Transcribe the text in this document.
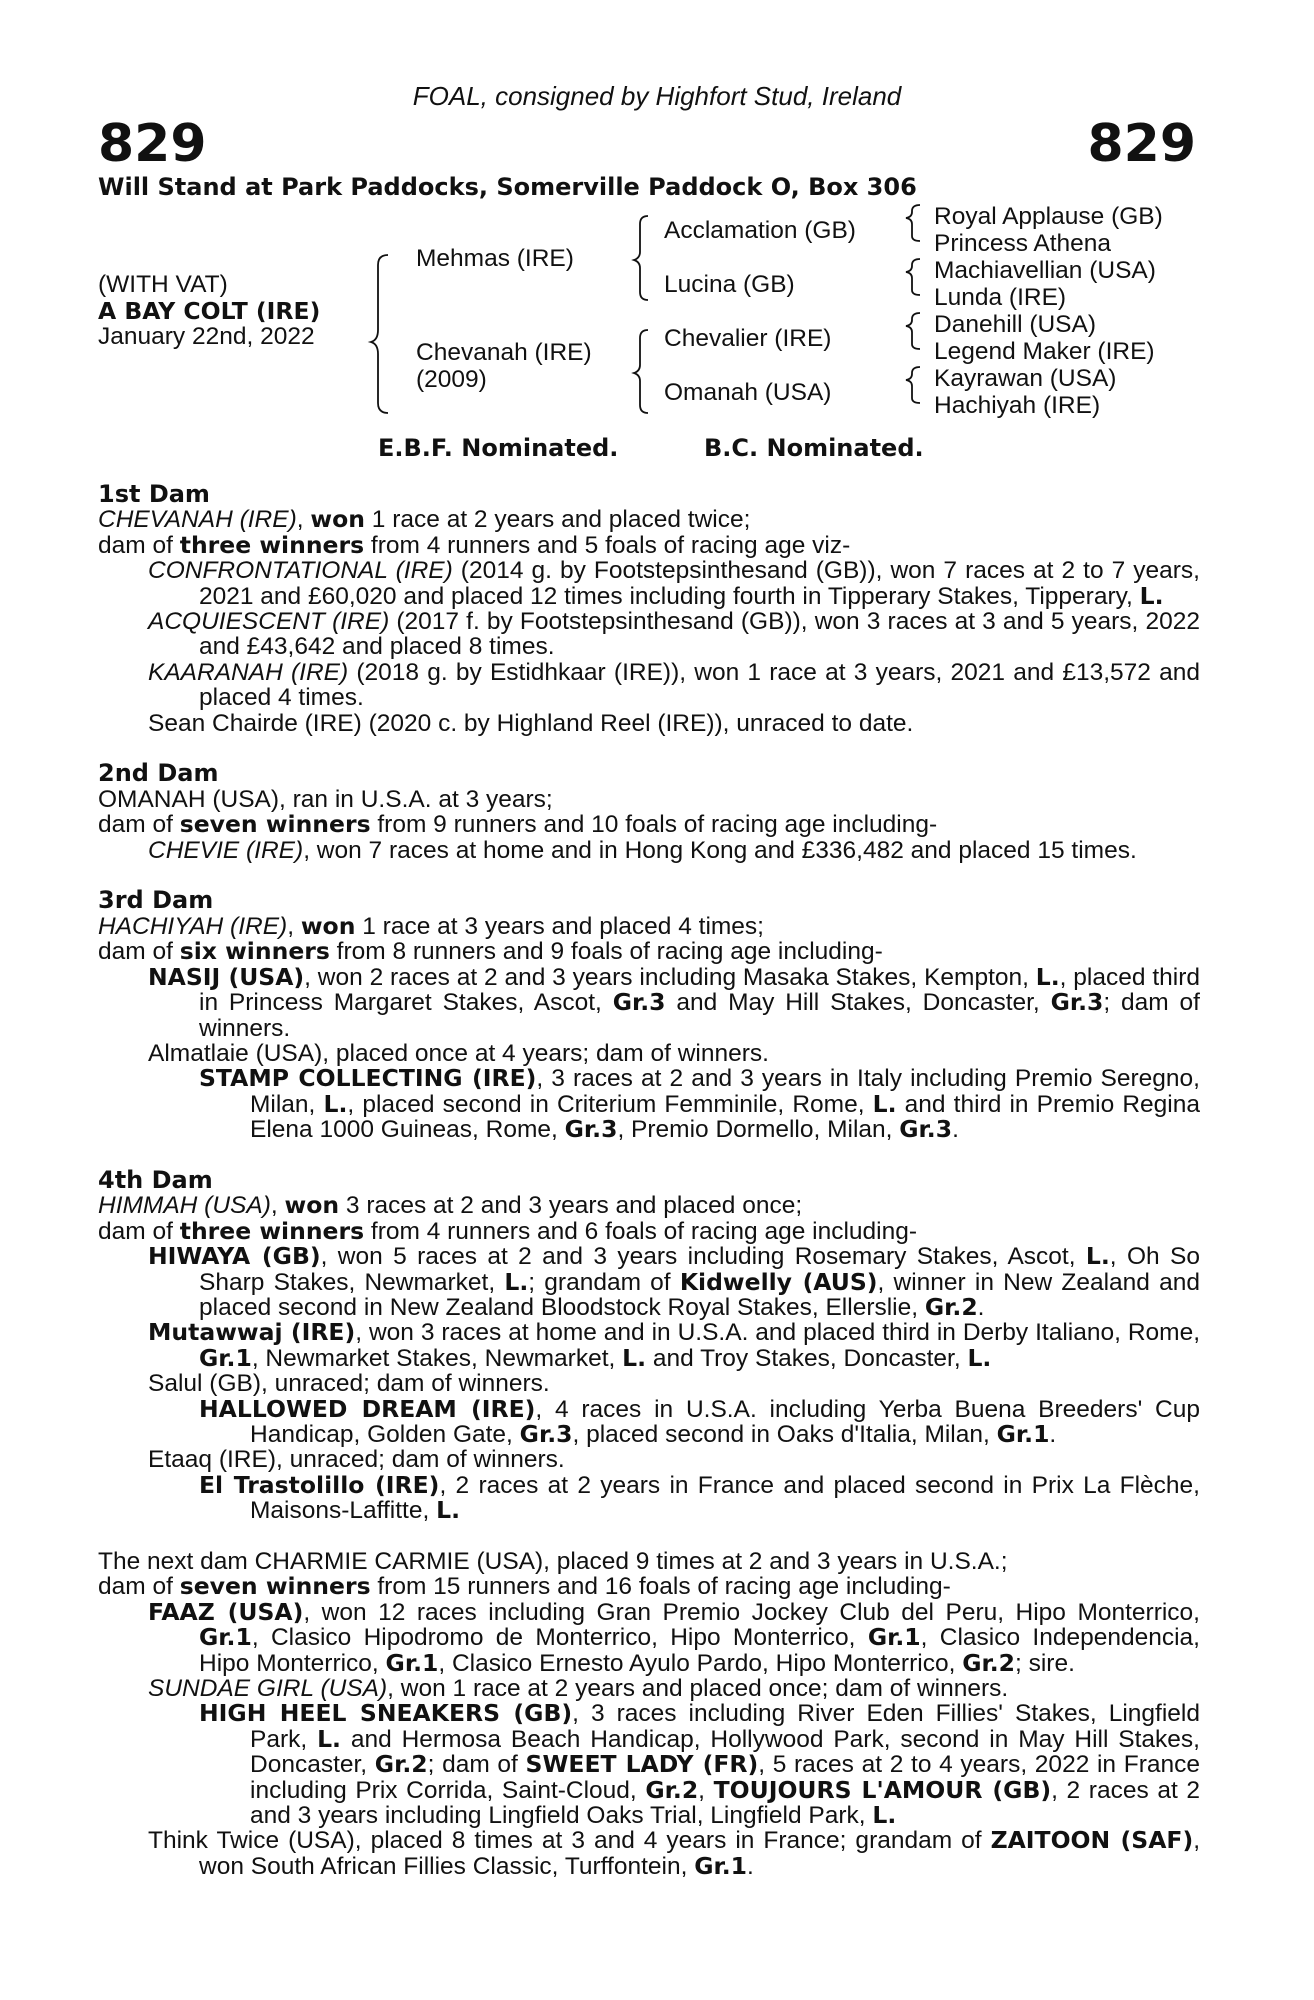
FOAL, consigned by Highfort Stud, Ireland
829	829
Will Stand at Park Paddocks, Somerville Paddock O, Box 306
(WITH VAT)
A BAY COLT (IRE)
January 22nd, 2022
Mehmas (IRE)
Chevanah (IRE)
(2009)
Acclamation (GB)
Lucina (GB)
Chevalier (IRE)
Omanah (USA)
Royal Applause (GB)
Princess Athena
Machiavellian (USA)
Lunda (IRE)
Danehill (USA)
Legend Maker (IRE)
Kayrawan (USA)
Hachiyah (IRE)
E.B.F. Nominated.	B.C. Nominated.
1st Dam
CHEVANAH (IRE), won 1 race at 2 years and placed twice;
dam of three winners from 4 runners and 5 foals of racing age viz-
CONFRONTATIONAL (IRE) (2014 g. by Footstepsinthesand (GB)), won 7 races at 2 to 7 years, 2021 and £60,020 and placed 12 times including fourth in Tipperary Stakes, Tipperary, L.
ACQUIESCENT (IRE) (2017 f. by Footstepsinthesand (GB)), won 3 races at 3 and 5 years, 2022 and £43,642 and placed 8 times.
KAARANAH (IRE) (2018 g. by Estidhkaar (IRE)), won 1 race at 3 years, 2021 and £13,572 and placed 4 times.
Sean Chairde (IRE) (2020 c. by Highland Reel (IRE)), unraced to date.
2nd Dam
OMANAH (USA), ran in U.S.A. at 3 years;
dam of seven winners from 9 runners and 10 foals of racing age including-
CHEVIE (IRE), won 7 races at home and in Hong Kong and £336,482 and placed 15 times.
3rd Dam
HACHIYAH (IRE), won 1 race at 3 years and placed 4 times;
dam of six winners from 8 runners and 9 foals of racing age including-
NASIJ (USA), won 2 races at 2 and 3 years including Masaka Stakes, Kempton, L., placed third in Princess Margaret Stakes, Ascot, Gr.3 and May Hill Stakes, Doncaster, Gr.3; dam of winners.
Almatlaie (USA), placed once at 4 years; dam of winners.
STAMP COLLECTING (IRE), 3 races at 2 and 3 years in Italy including Premio Seregno, Milan, L., placed second in Criterium Femminile, Rome, L. and third in Premio Regina Elena 1000 Guineas, Rome, Gr.3, Premio Dormello, Milan, Gr.3.
4th Dam
HIMMAH (USA), won 3 races at 2 and 3 years and placed once;
dam of three winners from 4 runners and 6 foals of racing age including-
HIWAYA (GB), won 5 races at 2 and 3 years including Rosemary Stakes, Ascot, L., Oh So Sharp Stakes, Newmarket, L.; grandam of Kidwelly (AUS), winner in New Zealand and placed second in New Zealand Bloodstock Royal Stakes, Ellerslie, Gr.2.
Mutawwaj (IRE), won 3 races at home and in U.S.A. and placed third in Derby Italiano, Rome, Gr.1, Newmarket Stakes, Newmarket, L. and Troy Stakes, Doncaster, L.
Salul (GB), unraced; dam of winners.
HALLOWED DREAM (IRE), 4 races in U.S.A. including Yerba Buena Breeders' Cup Handicap, Golden Gate, Gr.3, placed second in Oaks d'Italia, Milan, Gr.1.
Etaaq (IRE), unraced; dam of winners.
El Trastolillo (IRE), 2 races at 2 years in France and placed second in Prix La Flèche, Maisons-Laffitte, L.
The next dam CHARMIE CARMIE (USA), placed 9 times at 2 and 3 years in U.S.A.;
dam of seven winners from 15 runners and 16 foals of racing age including-
FAAZ (USA), won 12 races including Gran Premio Jockey Club del Peru, Hipo Monterrico, Gr.1, Clasico Hipodromo de Monterrico, Hipo Monterrico, Gr.1, Clasico Independencia, Hipo Monterrico, Gr.1, Clasico Ernesto Ayulo Pardo, Hipo Monterrico, Gr.2; sire.
SUNDAE GIRL (USA), won 1 race at 2 years and placed once; dam of winners.
HIGH HEEL SNEAKERS (GB), 3 races including River Eden Fillies' Stakes, Lingfield Park, L. and Hermosa Beach Handicap, Hollywood Park, second in May Hill Stakes, Doncaster, Gr.2; dam of SWEET LADY (FR), 5 races at 2 to 4 years, 2022 in France including Prix Corrida, Saint-Cloud, Gr.2, TOUJOURS L'AMOUR (GB), 2 races at 2 and 3 years including Lingfield Oaks Trial, Lingfield Park, L.
Think Twice (USA), placed 8 times at 3 and 4 years in France; grandam of ZAITOON (SAF), won South African Fillies Classic, Turffontein, Gr.1.
